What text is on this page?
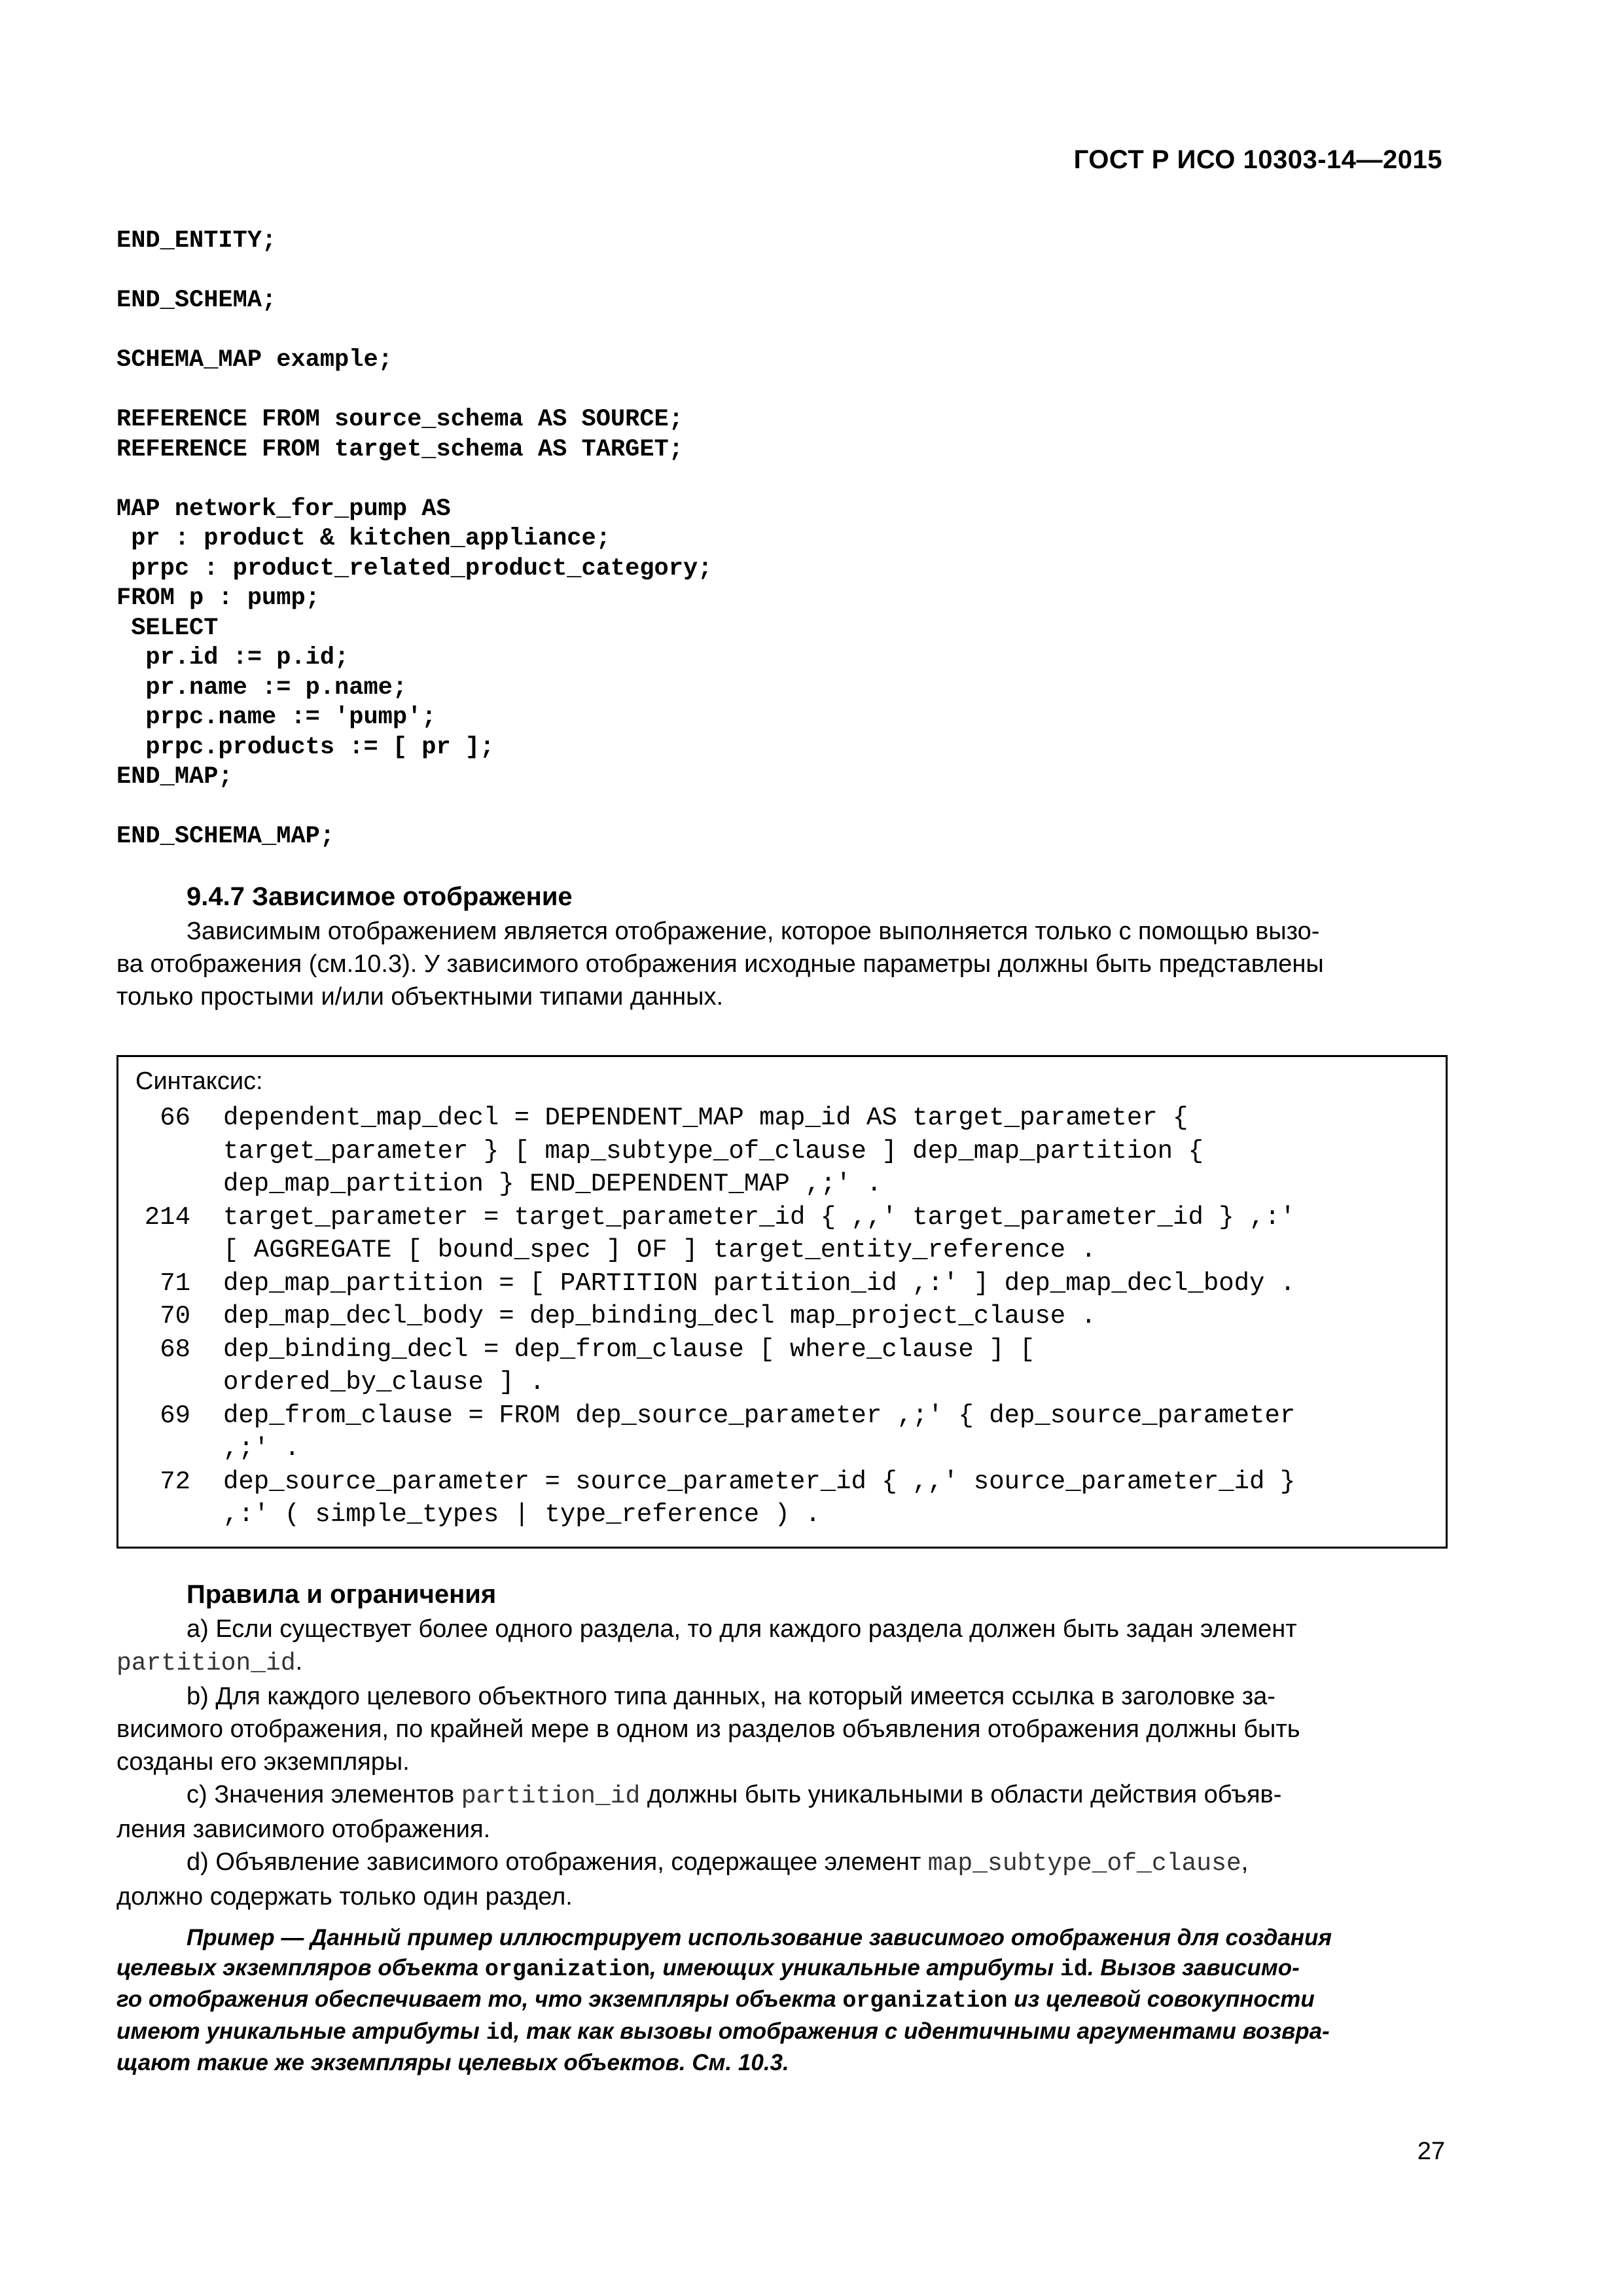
ГОСТ Р ИСО 10303-14—2015
END_ENTITY;
END_SCHEMA;
SCHEMA_MAP example;
REFERENCE FROM source_schema AS SOURCE;
REFERENCE FROM target_schema AS TARGET;
MAP network_for_pump AS
pr : product & kitchen_appliance;
prpc : product_related_product_category;
FROM p : pump;
SELECT
pr.id := p.id;
pr.name := p.name;
prpc.name := 'pump';
prpc.products := [ pr ];
END_MAP;
END_SCHEMA_MAP;
9.4.7 Зависимое отображение

Зависимым отображением является отображение, которое выполняется только с помощью вызо-

ва отображения (см.10.3). У зависимого отображения исходные параметры должны быть представлены

только простыми и/или объектными типами данных.

Синтаксис:
66 dependent_map_decl = DEPENDENT_MAP map_id AS target_parameter {
target_parameter } [ map_subtype_of_clause ] dep_map_partition {
dep_map_partition } END_DEPENDENT_MAP ,;' .
214 target_parameter = target_parameter_id { ,,' target_parameter_id } ,:'
[ AGGREGATE [ bound_spec ] OF ] target_entity_reference .
71 dep_map_partition = [ PARTITION partition_id ,:' ] dep_map_decl_body .
70 dep_map_decl_body = dep_binding_decl map_project_clause .
68 dep_binding_decl = dep_from_clause [ where_clause ] [
ordered_by_clause ] .
69 dep_from_clause = FROM dep_source_parameter ,;' { dep_source_parameter
,;' .
72 dep_source_parameter = source_parameter_id { ,,' source_parameter_id }
,:' ( simple_types | type_reference ) .
Правила и ограничения

a) Если существует более одного раздела, то для каждого раздела должен быть задан элемент

partition_id.

b) Для каждого целевого объектного типа данных, на который имеется ссылка в заголовке за-

висимого отображения, по крайней мере в одном из разделов объявления отображения должны быть

созданы его экземпляры.

c) Значения элементов partition_id должны быть уникальными в области действия объяв-

ления зависимого отображения.

d) Объявление зависимого отображения, содержащее элемент map_subtype_of_clause,

должно содержать только один раздел.

Пример — Данный пример иллюстрирует использование зависимого отображения для создания
целевых экземпляров объекта organization, имеющих уникальные атрибуты id. Вызов зависимо-
го отображения обеспечивает то, что экземпляры объекта organization из целевой совокупности
имеют уникальные атрибуты id, так как вызовы отображения с идентичными аргументами возвра-
щают такие же экземпляры целевых объектов. См. 10.3.
27
